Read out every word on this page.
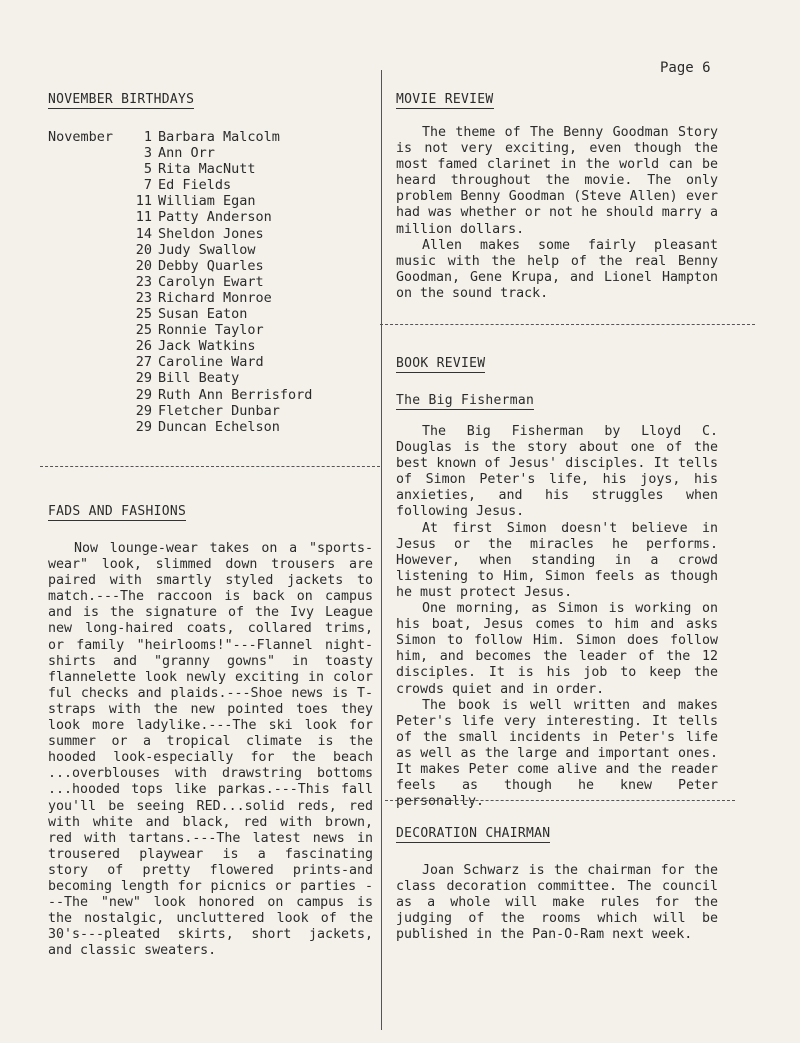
Page 6
NOVEMBER BIRTHDAYS
November	1 Barbara Malcolm
3 Ann Orr
5 Rita MacNutt
7 Ed Fields
11 William Egan
11 Patty Anderson
14 Sheldon Jones
20 Judy Swallow
20 Debby Quarles
23 Carolyn Ewart
23 Richard Monroe
25 Susan Eaton
25 Ronnie Taylor
26 Jack Watkins
27 Caroline Ward
29 Bill Beaty
29 Ruth Ann Berrisford
29 Fletcher Dunbar
29 Duncan Echelson
FADS AND FASHIONS

Now lounge-wear takes on a "sports-wear" look, slimmed down trousers are paired with smartly styled jackets to match.---The raccoon is back on campus and is the signature of the Ivy League new long-haired coats, collared trims, or family "heirlooms!"---Flannel night-shirts and "granny gowns" in toasty flannelette look newly exciting in color ful checks and plaids.---Shoe news is T-straps with the new pointed toes they look more ladylike.---The ski look for summer or a tropical climate is the hooded look-especially for the beach ...overblouses with drawstring bottoms ...hooded tops like parkas.---This fall you'll be seeing RED...solid reds, red with white and black, red with brown, red with tartans.---The latest news in trousered playwear is a fascinating story of pretty flowered prints-and becoming length for picnics or parties ---The "new" look honored on campus is the nostalgic, uncluttered look of the 30's---pleated skirts, short jackets, and classic sweaters.

MOVIE REVIEW

The theme of The Benny Goodman Story is not very exciting, even though the most famed clarinet in the world can be heard throughout the movie. The only problem Benny Goodman (Steve Allen) ever had was whether or not he should marry a million dollars.

Allen makes some fairly pleasant music with the help of the real Benny Goodman, Gene Krupa, and Lionel Hampton on the sound track.

BOOK REVIEW
The Big Fisherman

The Big Fisherman by Lloyd C. Douglas is the story about one of the best known of Jesus' disciples. It tells of Simon Peter's life, his joys, his anxieties, and his struggles when following Jesus.

At first Simon doesn't believe in Jesus or the miracles he performs. However, when standing in a crowd listening to Him, Simon feels as though he must protect Jesus.

One morning, as Simon is working on his boat, Jesus comes to him and asks Simon to follow Him. Simon does follow him, and becomes the leader of the 12 disciples. It is his job to keep the crowds quiet and in order.

The book is well written and makes Peter's life very interesting. It tells of the small incidents in Peter's life as well as the large and important ones. It makes Peter come alive and the reader feels as though he knew Peter personally.

DECORATION CHAIRMAN

Joan Schwarz is the chairman for the class decoration committee. The council as a whole will make rules for the judging of the rooms which will be published in the Pan-O-Ram next week.
